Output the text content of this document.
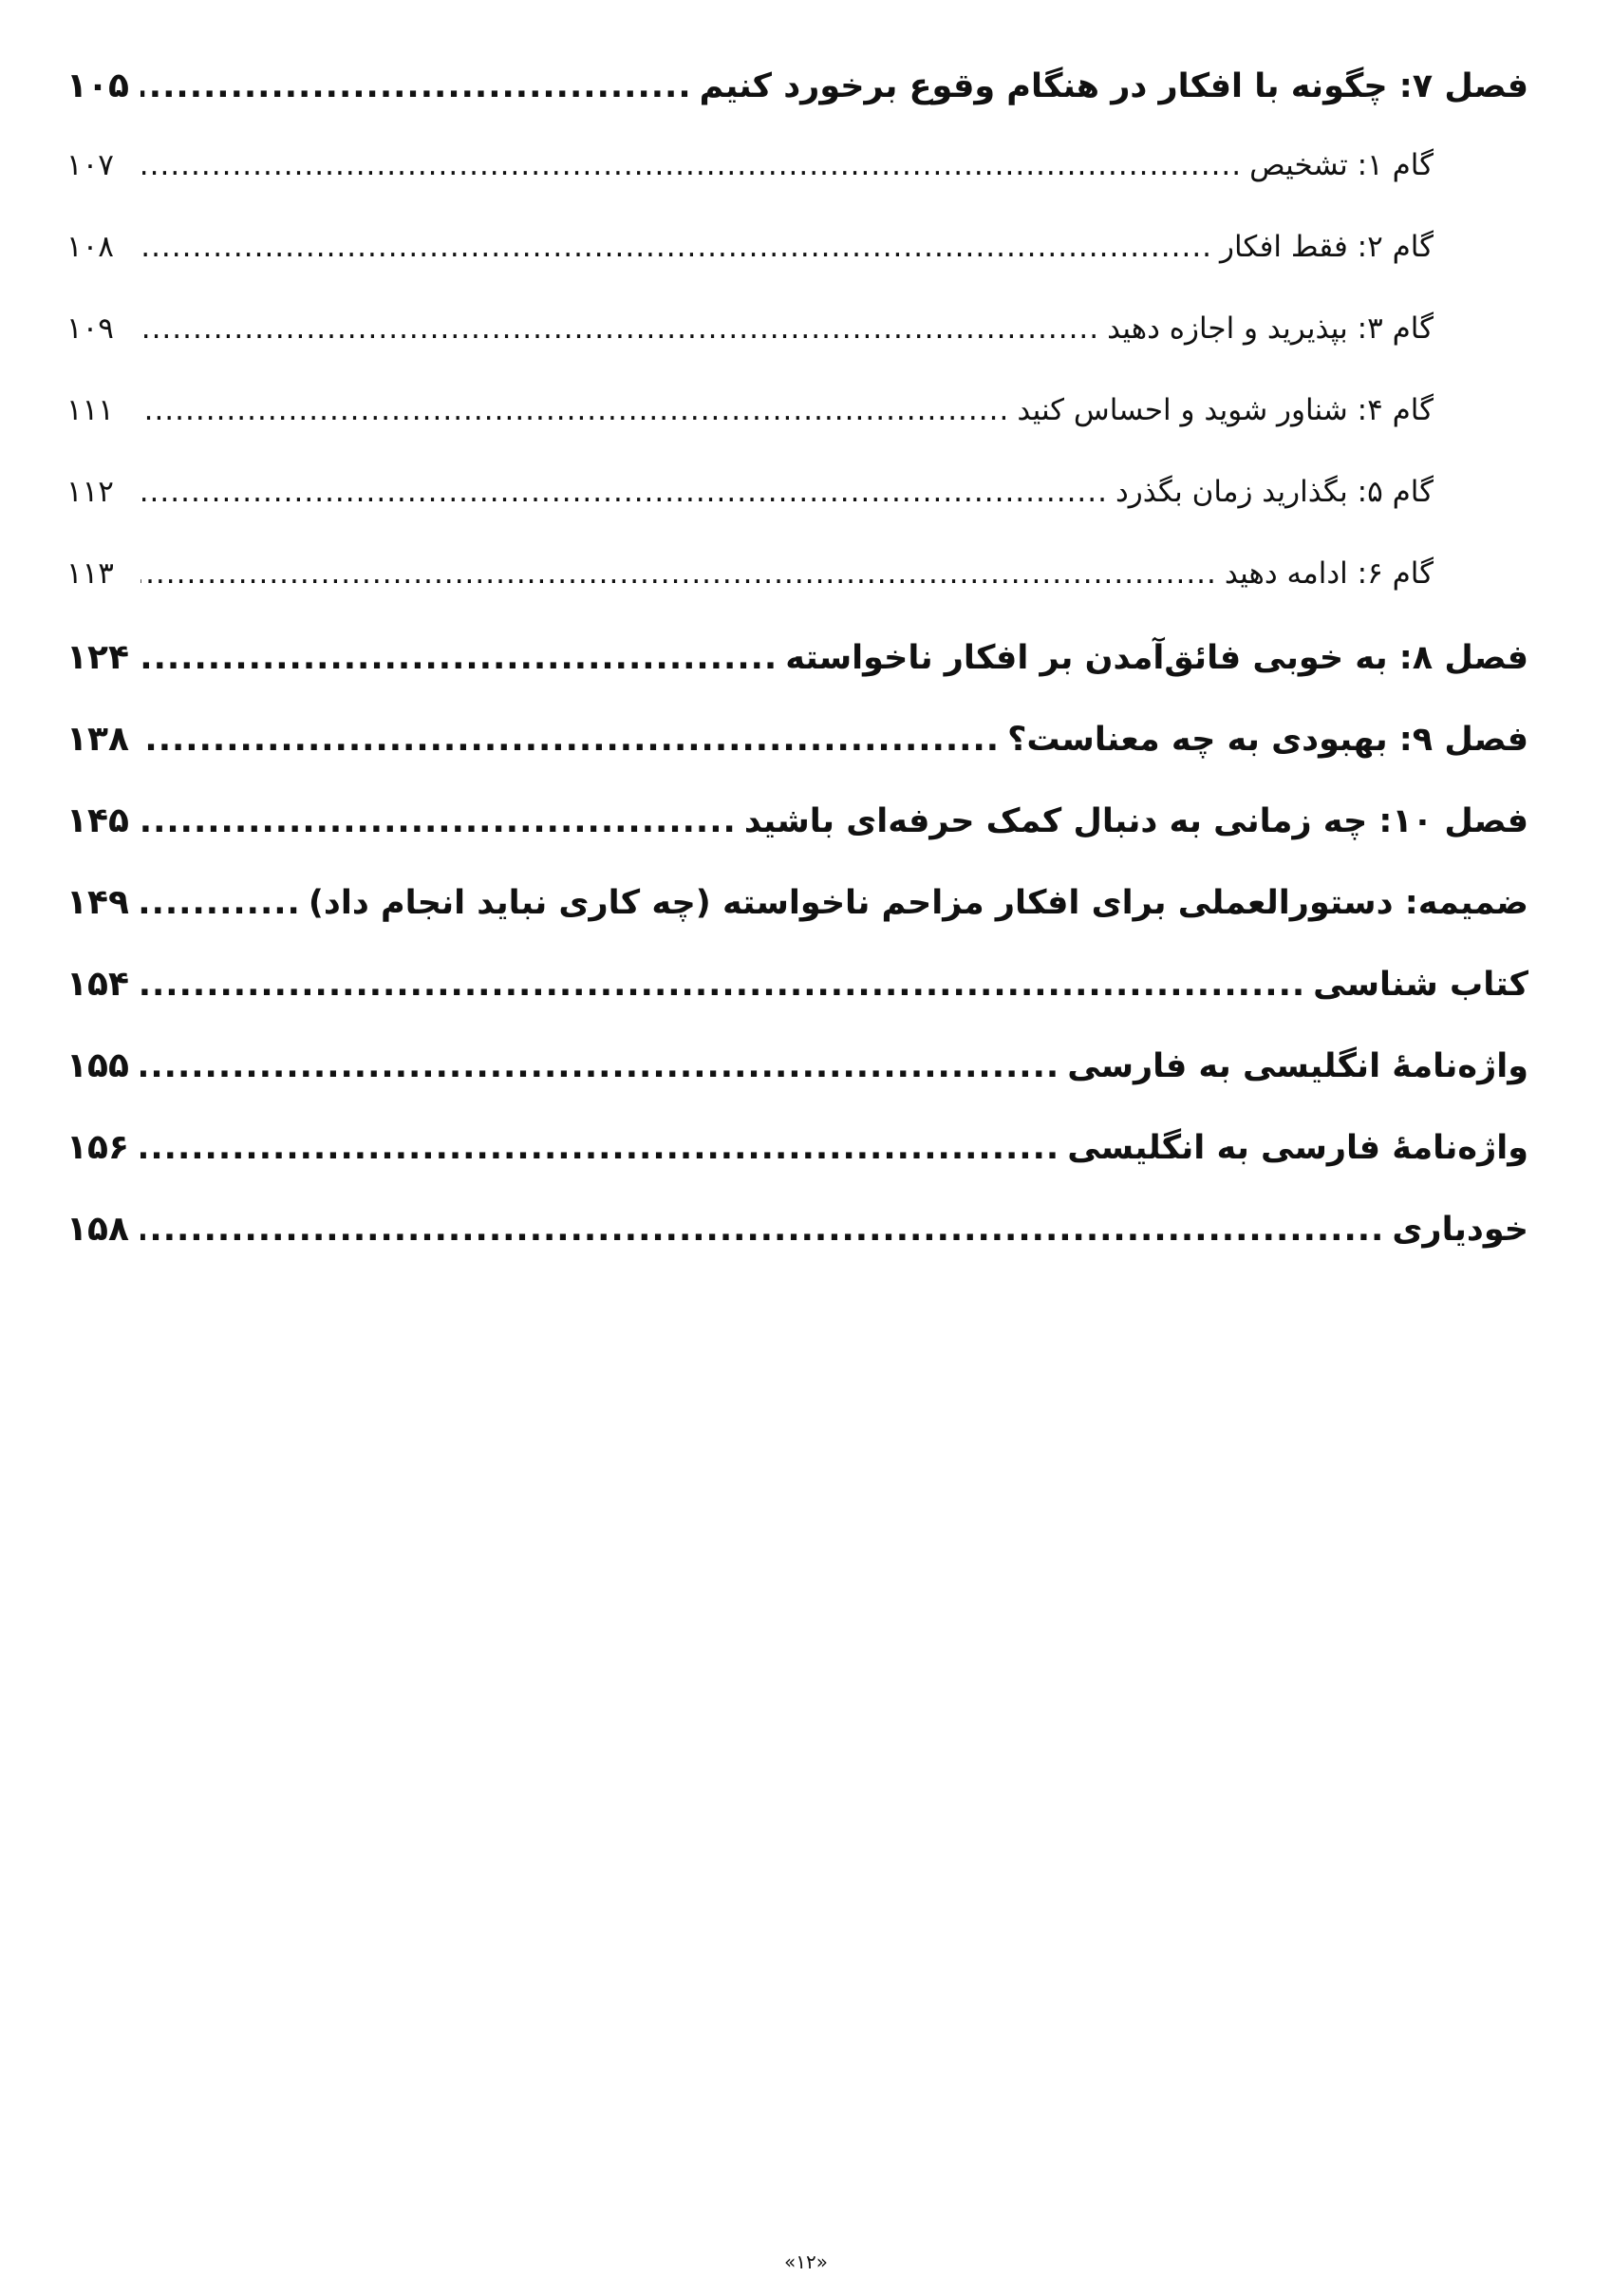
فصل ۷: چگونه با افکار در هنگام وقوع برخورد کنیم
.....
۱۰۵
گام ۱: تشخیص
.....
۱۰۷
گام ۲: فقط افکار
.....
۱۰۸
گام ۳: بپذیرید و اجازه دهید
.....
۱۰۹
گام ۴: شناور شوید و احساس کنید
.....
۱۱۱
گام ۵: بگذارید زمان بگذرد
.....
۱۱۲
گام ۶: ادامه دهید
.....
۱۱۳
فصل ۸: به خوبی فائق‌آمدن بر افکار ناخواسته
.....
۱۲۴
فصل ۹: بهبودی به چه معناست؟
.....
۱۳۸
فصل ۱۰: چه زمانی به دنبال کمک حرفه‌ای باشید
.....
۱۴۵
ضمیمه: دستورالعملی برای افکار مزاحم ناخواسته (چه کاری نباید انجام داد)
.....
۱۴۹
کتاب شناسی
.....
۱۵۴
واژه‌نامهٔ انگلیسی به فارسی
.....
۱۵۵
واژه‌نامهٔ فارسی به انگلیسی
.....
۱۵۶
خودیاری
.....
۱۵۸
«۱۲»
